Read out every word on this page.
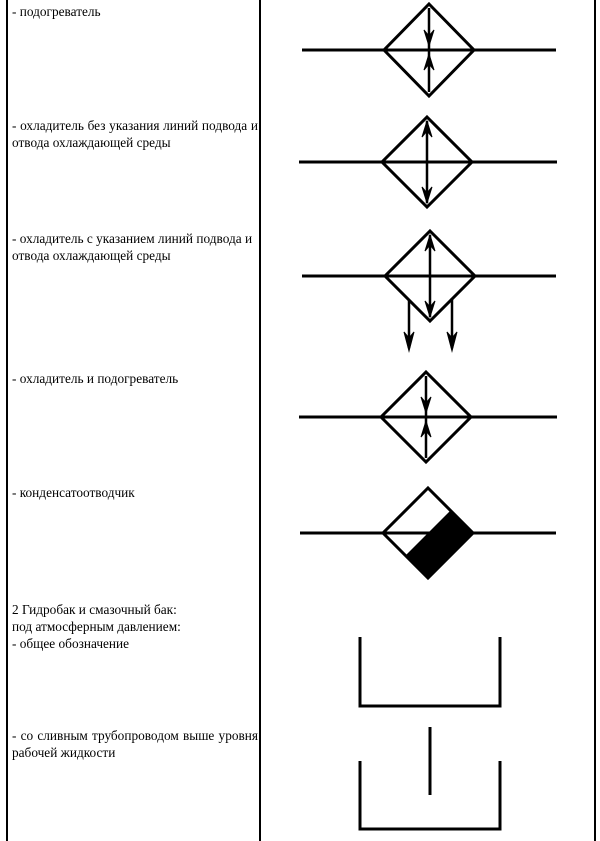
- подогреватель

- охладитель без указания линий подвода и отвода охлаждающей среды

- охладитель с указанием линий подвода и отвода охлаждающей среды

- охладитель и подогреватель

- конденсатоотводчик

2 Гидробак и смазочный бак:

под атмосферным давлением:

- общее обозначение

- со сливным трубопроводом выше уровня рабочей жидкости
